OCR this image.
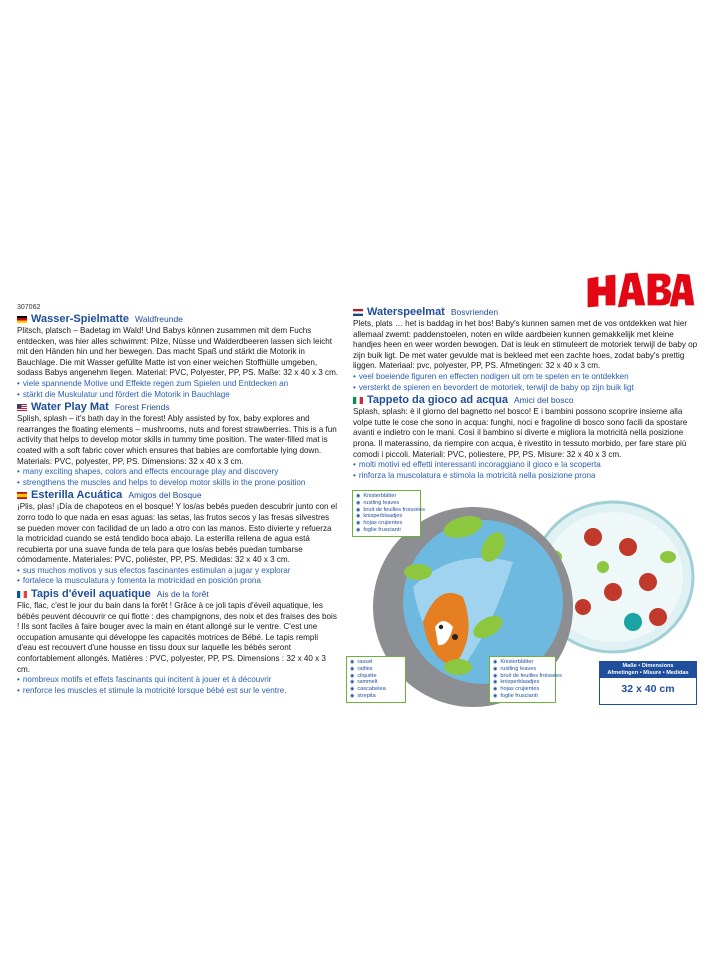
307062
Wasser-Spielmatte Waldfreunde

Plitsch, platsch – Badetag im Wald! Und Babys können zusammen mit dem Fuchs entdecken, was hier alles schwimmt: Pilze, Nüsse und Walderdbeeren lassen sich leicht mit den Händen hin und her bewegen. Das macht Spaß und stärkt die Motorik in Bauchlage. Die mit Wasser gefüllte Matte ist von einer weichen Stoffhülle umgeben, sodass Babys angenehm liegen. Material: PVC, Polyester, PP, PS. Maße: 32 x 40 x 3 cm.

• viele spannende Motive und Effekte regen zum Spielen und Entdecken an
• stärkt die Muskulatur und fördert die Motorik in Bauchlage
Water Play Mat Forest Friends

Splish, splash – it's bath day in the forest! Ably assisted by fox, baby explores and rearranges the floating elements – mushrooms, nuts and forest strawberries. This is a fun activity that helps to develop motor skills in tummy time position. The water-filled mat is coated with a soft fabric cover which ensures that babies are comfortable lying down. Materials: PVC, polyester, PP, PS. Dimensions: 32 x 40 x 3 cm.

• many exciting shapes, colors and effects encourage play and discovery
• strengthens the muscles and helps to develop motor skills in the prone position
Esterilla Acuática Amigos del Bosque

¡Plis, plas! ¡Día de chapoteos en el bosque! Y los/as bebés pueden descubrir junto con el zorro todo lo que nada en esas aguas: las setas, las frutos secos y las fresas silvestres se pueden mover con facilidad de un lado a otro con las manos. Esto divierte y refuerza la motricidad cuando se está tendido boca abajo. La esterilla rellena de agua está recubierta por una suave funda de tela para que los/as bebés puedan tumbarse cómodamente. Materiales: PVC, poliéster, PP, PS. Medidas: 32 x 40 x 3 cm.

• sus muchos motivos y sus efectos fascinantes estimulan a jugar y explorar
• fortalece la musculatura y fomenta la motricidad en posición prona
Tapis d'éveil aquatique Ais de la forêt

Flic, flac, c'est le jour du bain dans la forêt ! Grâce à ce joli tapis d'éveil aquatique, les bébés peuvent découvrir ce qui flotte : des champignons, des noix et des fraises des bois ! Ils sont faciles à faire bouger avec la main en étant allongé sur le ventre. C'est une occupation amusante qui développe les capacités motrices de Bébé. Le tapis rempli d'eau est recouvert d'une housse en tissu doux sur laquelle les bébés seront confortablement allongés. Matières : PVC, polyester, PP, PS. Dimensions : 32 x 40 x 3 cm.

• nombreux motifs et effets fascinants qui incitent à jouer et à découvrir
• renforce les muscles et stimule la motricité lorsque bébé est sur le ventre.
Waterspeelmat Bosvrienden

Plets, plats … het is baddag in het bos! Baby's kunnen samen met de vos ontdekken wat hier allemaal zwemt: paddenstoelen, noten en wilde aardbeien kunnen gemakkelijk met kleine handjes heen en weer worden bewogen. Dat is leuk en stimuleert de motoriek terwijl de baby op zijn buik ligt. De met water gevulde mat is bekleed met een zachte hoes, zodat baby's prettig liggen. Materiaal: pvc, polyester, PP, PS. Afmetingen: 32 x 40 x 3 cm.

• veel boeiende figuren en effecten nodigen uit om te spelen en te ontdekken
• versterkt de spieren en bevordert de motoriek, terwijl de baby op zijn buik ligt
Tappeto da gioco ad acqua Amici del bosco

Splash, splash: è il giorno del bagnetto nel bosco! E i bambini possono scoprire insieme alla volpe tutte le cose che sono in acqua: funghi, noci e fragoline di bosco sono facili da spostare avanti e indietro con le mani. Così il bambino si diverte e migliora la motricità nella posizione prona. Il materassino, da riempire con acqua, è rivestito in tessuto morbido, per fare stare più comodi i piccoli. Materiali: PVC, poliestere, PP, PS. Misure: 32 x 40 x 3 cm.

• molti motivi ed effetti interessanti incoraggiano il gioco e la scoperta
• rinforza la muscolatura e stimola la motricità nella posizione prona
◉ Knisterblätter
◉ rustling leaves
◉ bruit de feuilles froissées
◉ knisperblaadjes
◉ hojas crujientes
◉ foglie fruscianti
◉ rassel
◉ rattles
◉ cliquète
◉ rammelt
◉ cascabelea
◉ strepita
◉ Knisterblätter
◉ rustling leaves
◉ bruit de feuilles froissées
◉ knisperblaadjes
◉ hojas crujientes
◉ foglie fruscianti
Maße • Dimensions
Afmetingen • Misure • Medidas
32 x 40 cm
